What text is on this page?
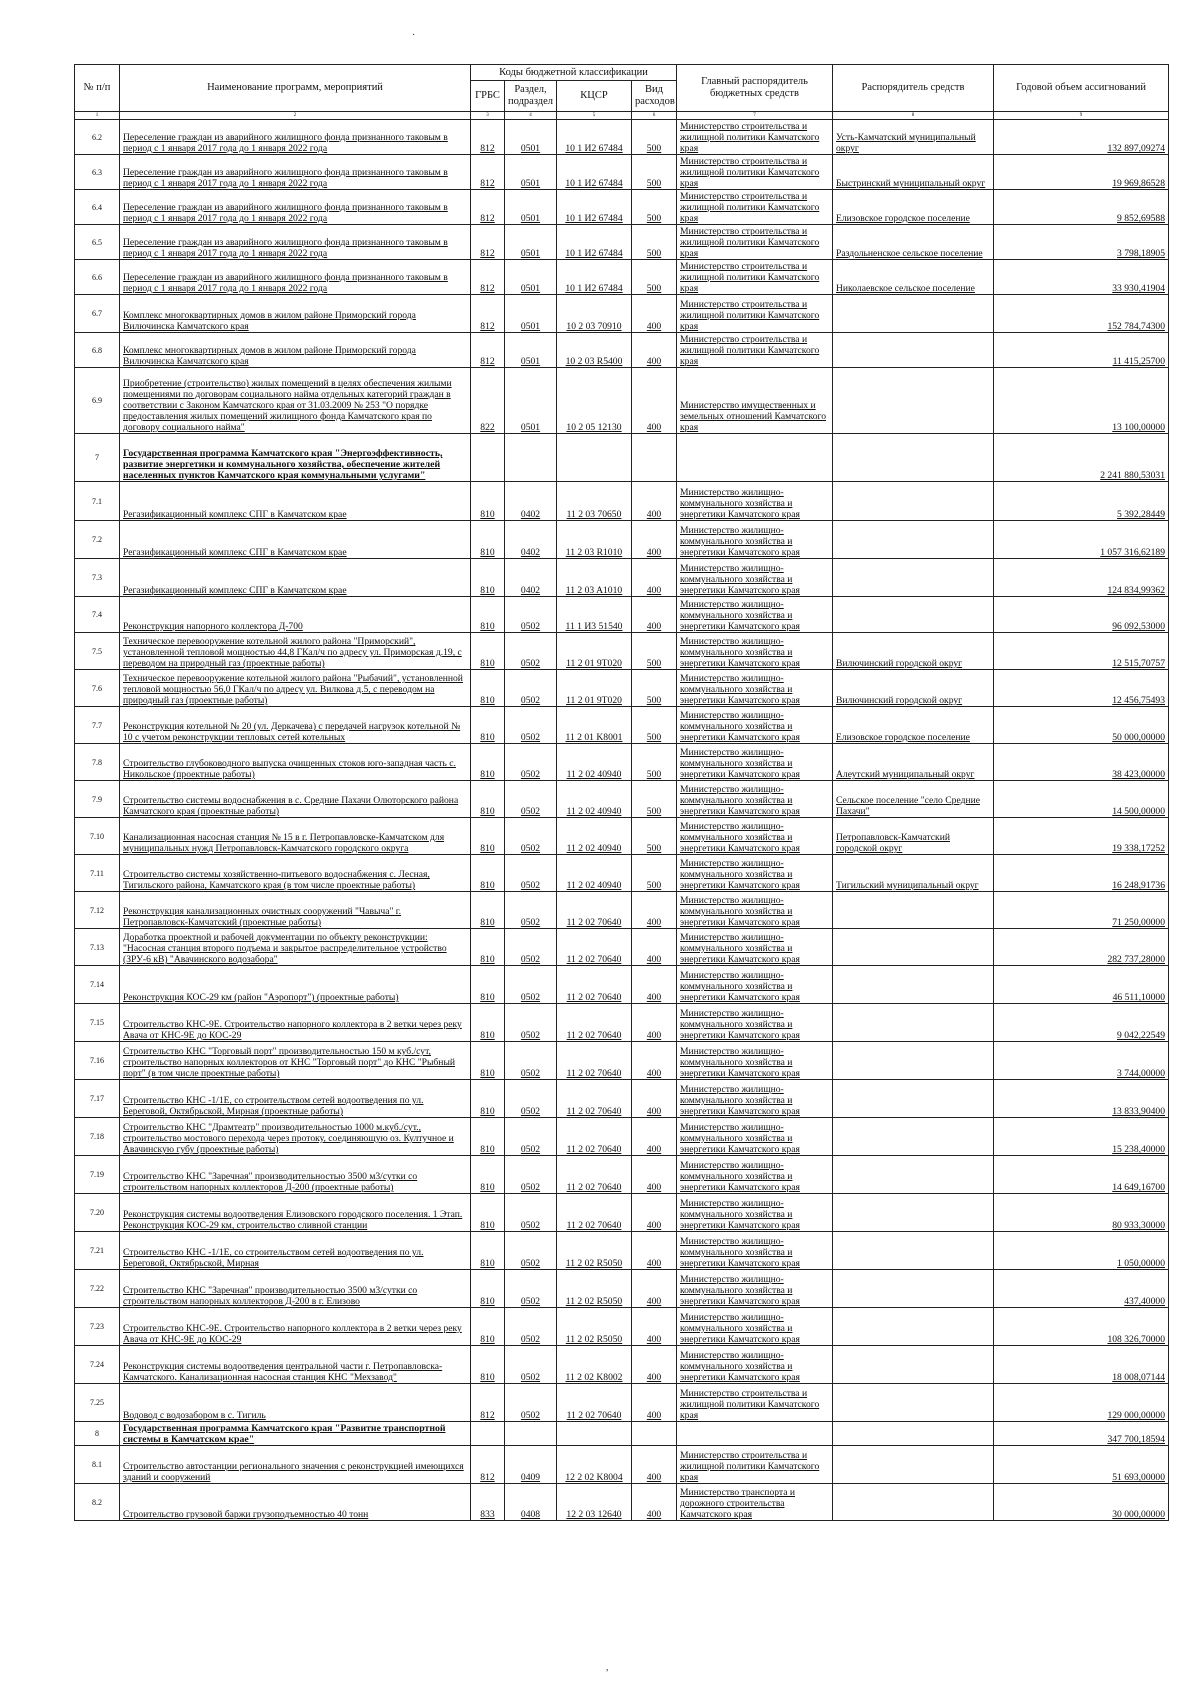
·
№ п/п	Наименование программ, мероприятий	Коды бюджетной классификации				Главный распорядитель бюджетных средств	Распорядитель средств	Годовой объем ассигнований
		ГРБС	Раздел, подраздел	КЦСР	Вид расходов			
1	2	3	4	5	6	7	8	9
6.2	Переселение граждан из аварийного жилищного фонда признанного таковым в период с 1 января 2017 года до 1 января 2022 года	812	0501	10 1 И2 67484	500	Министерство строительства и жилищной политики Камчатского края	Усть-Камчатский муниципальный округ	132 897,09274
6.3	Переселение граждан из аварийного жилищного фонда признанного таковым в период с 1 января 2017 года до 1 января 2022 года	812	0501	10 1 И2 67484	500	Министерство строительства и жилищной политики Камчатского края	Быстринский муниципальный округ	19 969,86528
6.4	Переселение граждан из аварийного жилищного фонда признанного таковым в период с 1 января 2017 года до 1 января 2022 года	812	0501	10 1 И2 67484	500	Министерство строительства и жилищной политики Камчатского края	Елизовское городское поселение	9 852,69588
6.5	Переселение граждан из аварийного жилищного фонда признанного таковым в период с 1 января 2017 года до 1 января 2022 года	812	0501	10 1 И2 67484	500	Министерство строительства и жилищной политики Камчатского края	Раздольненское сельское поселение	3 798,18905
6.6	Переселение граждан из аварийного жилищного фонда признанного таковым в период с 1 января 2017 года до 1 января 2022 года	812	0501	10 1 И2 67484	500	Министерство строительства и жилищной политики Камчатского края	Николаевское сельское поселение	33 930,41904
6.7	Комплекс многоквартирных домов в жилом районе Приморский города Вилючинска Камчатского края	812	0501	10 2 03 70910	400	Министерство строительства и жилищной политики Камчатского края		152 784,74300
6.8	Комплекс многоквартирных домов в жилом районе Приморский города Вилючинска Камчатского края	812	0501	10 2 03 R5400	400	Министерство строительства и жилищной политики Камчатского края		11 415,25700
6.9	Приобретение (строительство) жилых помещений в целях обеспечения жилыми помещениями по договорам социального найма отдельных категорий граждан в соответствии с Законом Камчатского края от 31.03.2009 № 253 "О порядке предоставления жилых помещений жилищного фонда Камчатского края по договору социального найма"	822	0501	10 2 05 12130	400	Министерство имущественных и земельных отношений Камчатского края		13 100,00000
7	Государственная программа Камчатского края "Энергоэффективность, развитие энергетики и коммунального хозяйства, обеспечение жителей населенных пунктов Камчатского края коммунальными услугами"							2 241 880,53031
7.1	Регазификационный комплекс СПГ в Камчатском крае	810	0402	11 2 03 70650	400	Министерство жилищно-коммунального хозяйства и энергетики Камчатского края		5 392,28449
7.2	Регазификационный комплекс СПГ в Камчатском крае	810	0402	11 2 03 R1010	400	Министерство жилищно-коммунального хозяйства и энергетики Камчатского края		1 057 316,62189
7.3	Регазификационный комплекс СПГ в Камчатском крае	810	0402	11 2 03 A1010	400	Министерство жилищно-коммунального хозяйства и энергетики Камчатского края		124 834,99362
7.4	Реконструкция напорного коллектора Д-700	810	0502	11 1 И3 51540	400	Министерство жилищно-коммунального хозяйства и энергетики Камчатского края		96 092,53000
7.5	Техническое перевооружение котельной жилого района "Приморский", установленной тепловой мощностью 44,8 ГКал/ч по адресу ул. Приморская д.19, с переводом на природный газ (проектные работы)	810	0502	11 2 01 9T020	500	Министерство жилищно-коммунального хозяйства и энергетики Камчатского края	Вилючинский городской округ	12 515,70757
7.6	Техническое перевооружение котельной жилого района "Рыбачий", установленной тепловой мощностью 56,0 ГКал/ч по адресу ул. Вилкова д.5, с переводом на природный газ (проектные работы)	810	0502	11 2 01 9T020	500	Министерство жилищно-коммунального хозяйства и энергетики Камчатского края	Вилючинский городской округ	12 456,75493
7.7	Реконструкция котельной № 20 (ул. Деркачева) с передачей нагрузок котельной № 10 с учетом реконструкции тепловых сетей котельных	810	0502	11 2 01 K8001	500	Министерство жилищно-коммунального хозяйства и энергетики Камчатского края	Елизовское городское поселение	50 000,00000
7.8	Строительство глубоководного выпуска очищенных стоков юго-западная часть с. Никольское (проектные работы)	810	0502	11 2 02 40940	500	Министерство жилищно-коммунального хозяйства и энергетики Камчатского края	Алеутский муниципальный округ	38 423,00000
7.9	Строительство системы водоснабжения в с. Средние Пахачи Олюторского района Камчатского края (проектные работы)	810	0502	11 2 02 40940	500	Министерство жилищно-коммунального хозяйства и энергетики Камчатского края	Сельское поселение "село Средние Пахачи"	14 500,00000
7.10	Канализационная насосная станция № 15 в г. Петропавловске-Камчатском для муниципальных нужд Петропавловск-Камчатского городского округа	810	0502	11 2 02 40940	500	Министерство жилищно-коммунального хозяйства и энергетики Камчатского края	Петропавловск-Камчатский городской округ	19 338,17252
7.11	Строительство системы хозяйственно-питьевого водоснабжения с. Лесная, Тигильского района, Камчатского края (в том числе проектные работы)	810	0502	11 2 02 40940	500	Министерство жилищно-коммунального хозяйства и энергетики Камчатского края	Тигильский муниципальный округ	16 248,91736
7.12	Реконструкция канализационных очистных сооружений "Чавыча" г. Петропавловск-Камчатский (проектные работы)	810	0502	11 2 02 70640	400	Министерство жилищно-коммунального хозяйства и энергетики Камчатского края		71 250,00000
7.13	Доработка проектной и рабочей документации по объекту реконструкции: "Насосная станция второго подъема и закрытое распределительное устройство (ЗРУ-6 кВ) "Авачинского водозабора"	810	0502	11 2 02 70640	400	Министерство жилищно-коммунального хозяйства и энергетики Камчатского края		282 737,28000
7.14	Реконструкция КОС-29 км (район "Аэропорт") (проектные работы)	810	0502	11 2 02 70640	400	Министерство жилищно-коммунального хозяйства и энергетики Камчатского края		46 511,10000
7.15	Строительство КНС-9Е. Строительство напорного коллектора в 2 ветки через реку Авача от КНС-9Е до КОС-29	810	0502	11 2 02 70640	400	Министерство жилищно-коммунального хозяйства и энергетики Камчатского края		9 042,22549
7.16	Строительство КНС "Торговый порт" производительностью 150 м куб./сут, строительство напорных коллекторов от КНС "Торговый порт" до КНС "Рыбный порт" (в том числе проектные работы)	810	0502	11 2 02 70640	400	Министерство жилищно-коммунального хозяйства и энергетики Камчатского края		3 744,00000
7.17	Строительство КНС -1/1Е, со строительством сетей водоотведения по ул. Береговой, Октябрьской, Мирная (проектные работы)	810	0502	11 2 02 70640	400	Министерство жилищно-коммунального хозяйства и энергетики Камчатского края		13 833,90400
7.18	Строительство КНС "Драмтеатр" производительностью 1000 м.куб./сут., строительство мостового перехода через протоку, соединяющую оз. Култучное и Авачинскую губу (проектные работы)	810	0502	11 2 02 70640	400	Министерство жилищно-коммунального хозяйства и энергетики Камчатского края		15 238,40000
7.19	Строительство КНС "Заречная" производительностью 3500 м3/сутки со строительством напорных коллекторов Д-200 (проектные работы)	810	0502	11 2 02 70640	400	Министерство жилищно-коммунального хозяйства и энергетики Камчатского края		14 649,16700
7.20	Реконструкция системы водоотведения Елизовского городского поселения. 1 Этап. Реконструкция КОС-29 км, строительство сливной станции	810	0502	11 2 02 70640	400	Министерство жилищно-коммунального хозяйства и энергетики Камчатского края		80 933,30000
7.21	Строительство КНС -1/1Е, со строительством сетей водоотведения по ул. Береговой, Октябрьской, Мирная	810	0502	11 2 02 R5050	400	Министерство жилищно-коммунального хозяйства и энергетики Камчатского края		1 050,00000
7.22	Строительство КНС "Заречная" производительностью 3500 м3/сутки со строительством напорных коллекторов Д-200 в г. Елизово	810	0502	11 2 02 R5050	400	Министерство жилищно-коммунального хозяйства и энергетики Камчатского края		437,40000
7.23	Строительство КНС-9Е. Строительство напорного коллектора в 2 ветки через реку Авача от КНС-9Е до КОС-29	810	0502	11 2 02 R5050	400	Министерство жилищно-коммунального хозяйства и энергетики Камчатского края		108 326,70000
7.24	Реконструкция системы водоотведения центральной части г. Петропавловска-Камчатского. Канализационная насосная станция КНС "Мехзавод"	810	0502	11 2 02 K8002	400	Министерство жилищно-коммунального хозяйства и энергетики Камчатского края		18 008,07144
7.25	Водовод с водозабором в с. Тигиль	812	0502	11 2 02 70640	400	Министерство строительства и жилищной политики Камчатского края		129 000,00000
8	Государственная программа Камчатского края "Развитие транспортной системы в Камчатском крае"							347 700,18594
8.1	Строительство автостанции регионального значения с реконструкцией имеющихся зданий и сооружений	812	0409	12 2 02 K8004	400	Министерство строительства и жилищной политики Камчатского края		51 693,00000
8.2	Строительство грузовой баржи грузоподъемностью 40 тонн	833	0408	12 2 03 12640	400	Министерство транспорта и дорожного строительства Камчатского края		30 000,00000
,
